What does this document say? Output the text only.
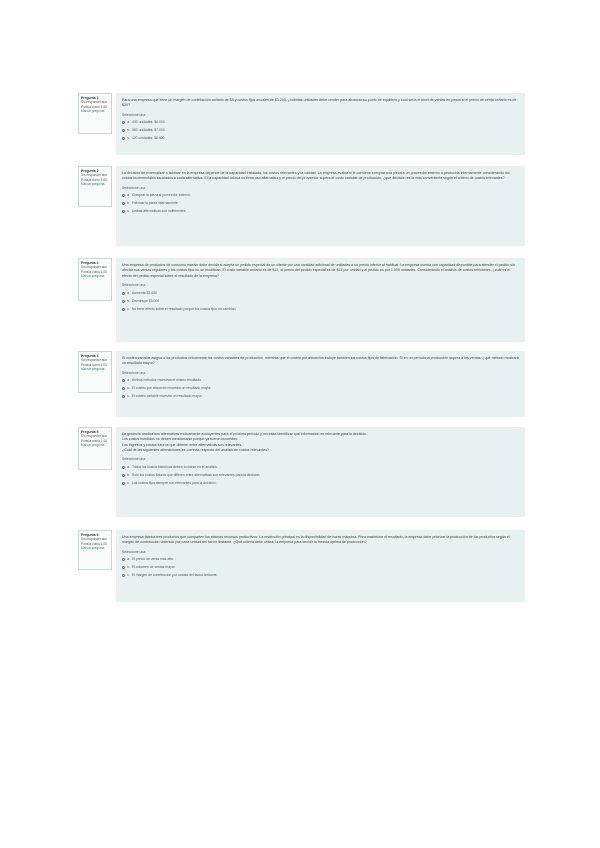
Pregunta 1
Sin responder aún
Puntúa como 1,00
Marcar pregunta

Para una empresa que tiene un margen de contribución unitario de $8 y costos fijos anuales de $3.200, ¿cuántas unidades debe vender para alcanzar su punto de equilibrio y cuál sería el nivel de ventas en pesos si el precio de venta unitario es de $20?

Seleccione una:
a. 400 unidades; $8.000
b. 350 unidades; $7.000
c. 420 unidades; $8.400
Pregunta 2
Sin responder aún
Puntúa como 1,00
Marcar pregunta

La decisión de externalizar o fabricar en la empresa depende de la capacidad instalada, los costos relevantes y la calidad. La empresa evalúa si le conviene comprar una pieza a un proveedor externo o producirla internamente considerando los costos incrementales asociados a cada alternativa. Si la capacidad ociosa no tiene uso alternativo y el precio del proveedor supera el costo variable de producción, ¿qué decisión es la más conveniente según el criterio de costos relevantes?

Seleccione una:
a. Comprar la pieza al proveedor externo.
b. Fabricar la pieza internamente.
c. Ambas alternativas son indiferentes.
Pregunta 3
Sin responder aún
Puntúa como 1,00
Marcar pregunta

Una empresa de productos de consumo masivo debe decidir si acepta un pedido especial de un cliente por una cantidad adicional de unidades a un precio inferior al habitual. La empresa cuenta con capacidad disponible para atender el pedido sin afectar sus ventas regulares y los costos fijos no se modifican. El costo variable unitario es de $12, el precio del pedido especial es de $15 por unidad y el pedido es por 1.000 unidades. Considerando el análisis de costos relevantes, ¿cuál es el efecto del pedido especial sobre el resultado de la empresa?

Seleccione una:
a. Aumenta $3.000
b. Disminuye $3.000
c. No tiene efecto sobre el resultado porque los costos fijos no cambian.
Pregunta 4
Sin responder aún
Puntúa como 1,00
Marcar pregunta

El costeo variable asigna a los productos únicamente los costos variables de producción, mientras que el costeo por absorción incluye también los costos fijos de fabricación. Si en un período la producción supera a las ventas, ¿qué método mostrará un resultado mayor?

Seleccione una:
a. Ambos métodos muestran el mismo resultado.
b. El costeo por absorción muestra un resultado mayor.
c. El costeo variable muestra un resultado mayor.
Pregunta 5
Sin responder aún
Puntúa como 1,00
Marcar pregunta

La gerencia analiza dos alternativas mutuamente excluyentes para el próximo período y necesita identificar qué información es relevante para la decisión.

Los costos hundidos no deben considerarse porque ya fueron incurridos.

Los ingresos y costos futuros que difieren entre alternativas son relevantes.

¿Cuál de las siguientes afirmaciones es correcta respecto del análisis de costos relevantes?

Seleccione una:
a. Todos los costos históricos deben incluirse en el análisis.
b. Solo los costos futuros que difieren entre alternativas son relevantes para la decisión.
c. Los costos fijos siempre son relevantes para la decisión.
Pregunta 6
Sin responder aún
Puntúa como 1,00
Marcar pregunta

Una empresa fabrica tres productos que comparten los mismos recursos productivos. La restricción principal es la disponibilidad de horas máquina. Para maximizar el resultado, la empresa debe priorizar la producción de los productos según el margen de contribución obtenido por cada unidad del factor limitante. ¿Qué criterio debe utilizar la empresa para decidir la mezcla óptima de producción?

Seleccione una:
a. El precio de venta más alto.
b. El volumen de ventas mayor.
c. El margen de contribución por unidad del factor limitante.
